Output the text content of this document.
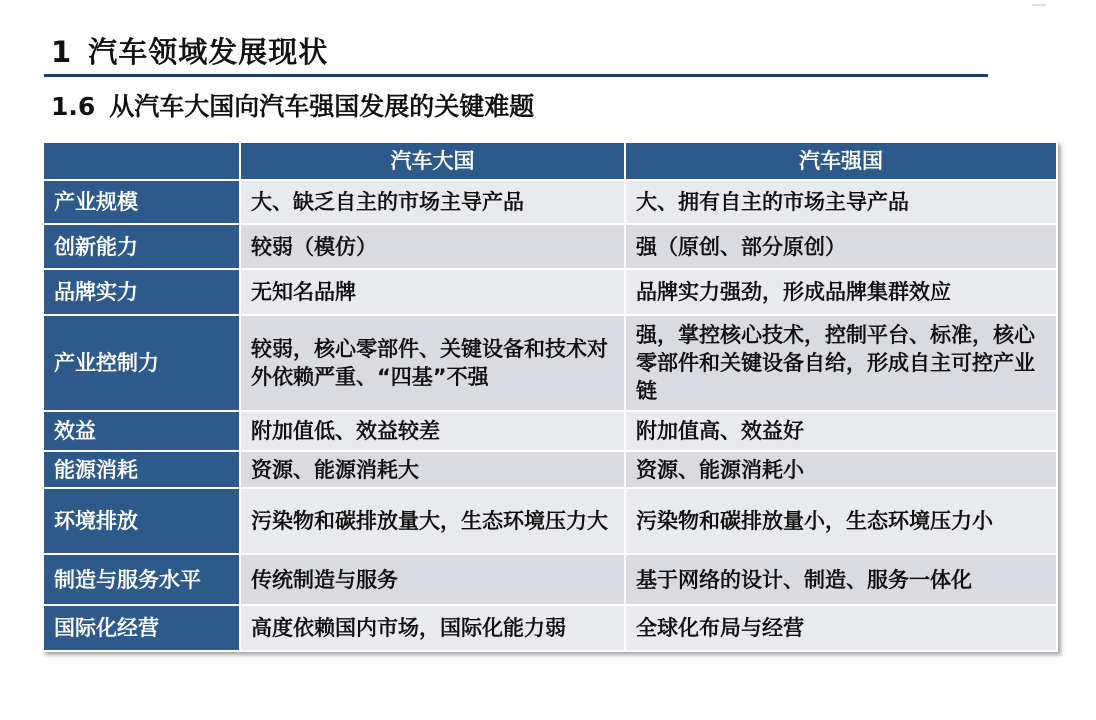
1 汽车领域发展现状
1.6 从汽车大国向汽车强国发展的关键难题
	汽车大国	汽车强国
产业规模	大、缺乏自主的市场主导产品	大、拥有自主的市场主导产品
创新能力	较弱（模仿）	强（原创、部分原创）
品牌实力	无知名品牌	品牌实力强劲，形成品牌集群效应
产业控制力	较弱，核心零部件、关键设备和技术对外依赖严重、“四基”不强	强，掌控核心技术，控制平台、标准，核心零部件和关键设备自给，形成自主可控产业链
效益	附加值低、效益较差	附加值高、效益好
能源消耗	资源、能源消耗大	资源、能源消耗小
环境排放	污染物和碳排放量大，生态环境压力大	污染物和碳排放量小，生态环境压力小
制造与服务水平	传统制造与服务	基于网络的设计、制造、服务一体化
国际化经营	高度依赖国内市场，国际化能力弱	全球化布局与经营
